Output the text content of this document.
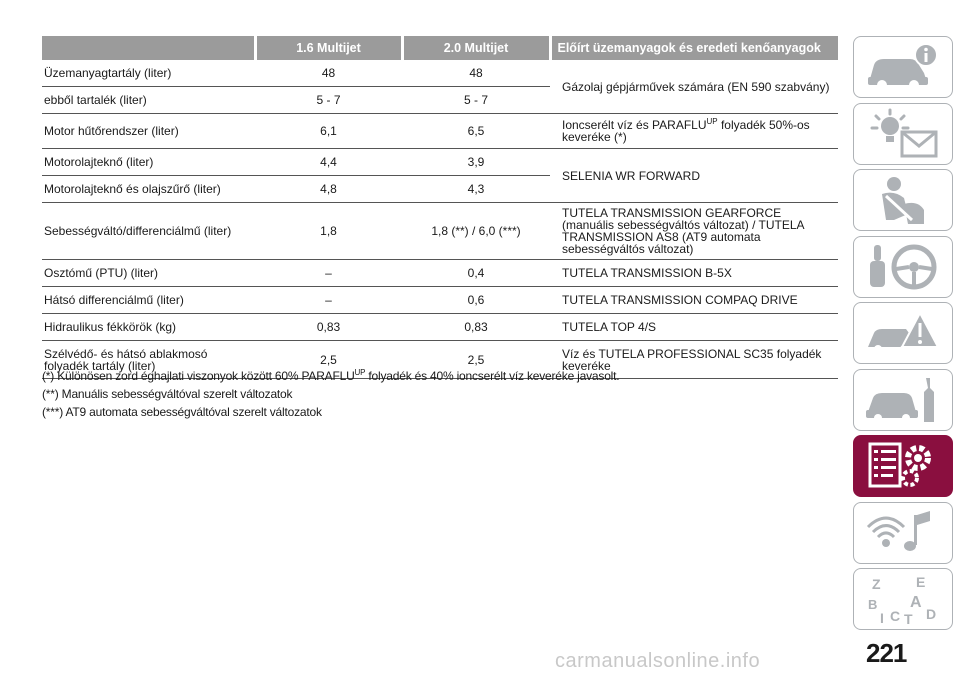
	1.6 Multijet	2.0 Multijet	Előírt üzemanyagok és eredeti kenőanyagok
Üzemanyagtartály (liter)	48	48	Gázolaj gépjárművek számára (EN 590 szabvány)
ebből tartalék (liter)	5 - 7	5 - 7	
Motor hűtőrendszer (liter)	6,1	6,5	Ioncserélt víz és $PARAFLU^{UP}$ folyadék 50%-os keveréke (*)
Motorolajteknő (liter)	4,4	3,9	SELENIA WR FORWARD
Motorolajteknő és olajszűrő (liter)	4,8	4,3	
Sebességváltó/differenciálmű (liter)	1,8	1,8 (**) / 6,0 (***)	TUTELA TRANSMISSION GEARFORCE (manuális sebességváltós változat) / TUTELA TRANSMISSION AS8 (AT9 automata sebességváltós változat)
Osztómű (PTU) (liter)	–	0,4	TUTELA TRANSMISSION B-5X
Hátsó differenciálmű (liter)	–	0,6	TUTELA TRANSMISSION COMPAQ DRIVE
Hidraulikus fékkörök (kg)	0,83	0,83	TUTELA TOP 4/S
Szélvédő- és hátsó ablakmosó folyadék tartály (liter)	2,5	2,5	Víz és TUTELA PROFESSIONAL SC35 folyadék keveréke

(*) Különösen zord éghajlati viszonyok között 60% $PARAFLU^{UP}$ folyadék és 40% ioncserélt víz keveréke javasolt.

(**) Manuális sebességváltóval szerelt változatok

(***) AT9 automata sebességváltóval szerelt változatok

Z	E
B A
I C T D
carmanualsonline.info	221
